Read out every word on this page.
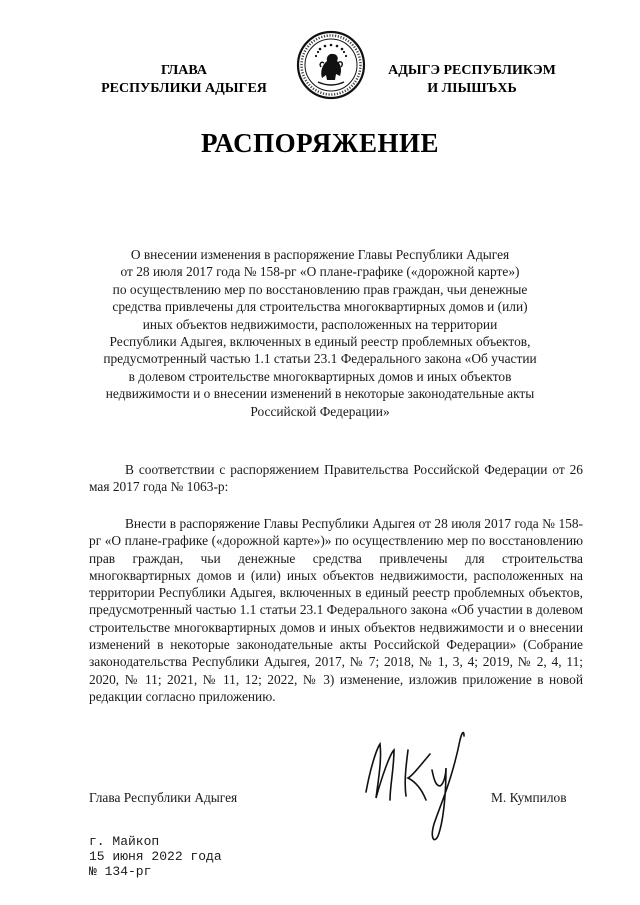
ГЛАВА
РЕСПУБЛИКИ АДЫГЕЯ
АДЫГЭ РЕСПУБЛИКЭМ
И ЛІЫШЪХЬ
РАСПОРЯЖЕНИЕ
О внесении изменения в распоряжение Главы Республики Адыгея
от 28 июля 2017 года № 158-рг «О плане-графике («дорожной карте»)
по осуществлению мер по восстановлению прав граждан, чьи денежные
средства привлечены для строительства многоквартирных домов и (или)
иных объектов недвижимости, расположенных на территории
Республики Адыгея, включенных в единый реестр проблемных объектов,
предусмотренный частью 1.1 статьи 23.1 Федерального закона «Об участии
в долевом строительстве многоквартирных домов и иных объектов
недвижимости и о внесении изменений в некоторые законодательные акты
Российской Федерации»
В соответствии с распоряжением Правительства Российской Федерации от 26 мая 2017 года № 1063-р:
Внести в распоряжение Главы Республики Адыгея от 28 июля 2017 года № 158-рг «О плане-графике («дорожной карте»)» по осуществлению мер по восстановлению прав граждан, чьи денежные средства привлечены для строительства многоквартирных домов и (или) иных объектов недвижимости, расположенных на территории Республики Адыгея, включенных в единый реестр проблемных объектов, предусмотренный частью 1.1 статьи 23.1 Федерального закона «Об участии в долевом строительстве многоквартирных домов и иных объектов недвижимости и о внесении изменений в некоторые законодательные акты Российской Федерации» (Собрание законодательства Республики Адыгея, 2017, № 7; 2018, № 1, 3, 4; 2019, № 2, 4, 11; 2020, № 11; 2021, № 11, 12; 2022, № 3) изменение, изложив приложение в новой редакции согласно приложению.
Глава Республики Адыгея	М. Кумпилов
г. Майкоп
15 июня 2022 года
№ 134-рг
